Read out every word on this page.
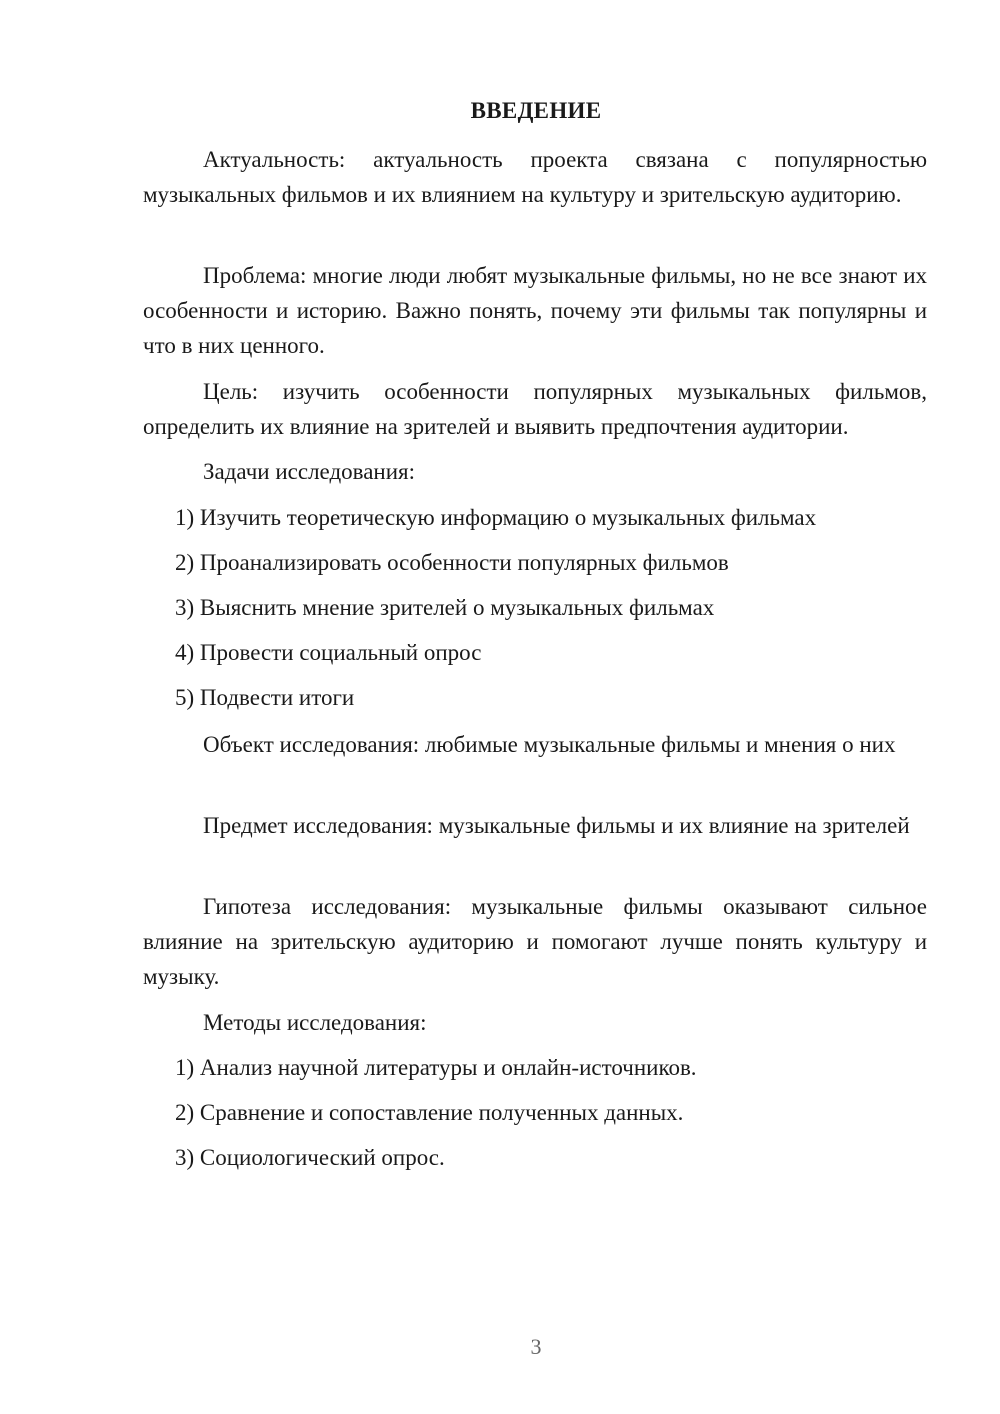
ВВЕДЕНИЕ
Актуальность: актуальность проекта связана с популярностью музыкальных фильмов и их влиянием на культуру и зрительскую аудиторию.
Проблема: многие люди любят музыкальные фильмы, но не все знают их особенности и историю. Важно понять, почему эти фильмы так популярны и что в них ценного.
Цель: изучить особенности популярных музыкальных фильмов, определить их влияние на зрителей и выявить предпочтения аудитории.
Задачи исследования:
1) Изучить теоретическую информацию о музыкальных фильмах
2) Проанализировать особенности популярных фильмов
3) Выяснить мнение зрителей о музыкальных фильмах
4) Провести социальный опрос
5) Подвести итоги
Объект исследования: любимые музыкальные фильмы и мнения о них
Предмет исследования: музыкальные фильмы и их влияние на зрителей
Гипотеза исследования: музыкальные фильмы оказывают сильное влияние на зрительскую аудиторию и помогают лучше понять культуру и музыку.
Методы исследования:
1) Анализ научной литературы и онлайн-источников.
2) Сравнение и сопоставление полученных данных.
3) Социологический опрос.
3
